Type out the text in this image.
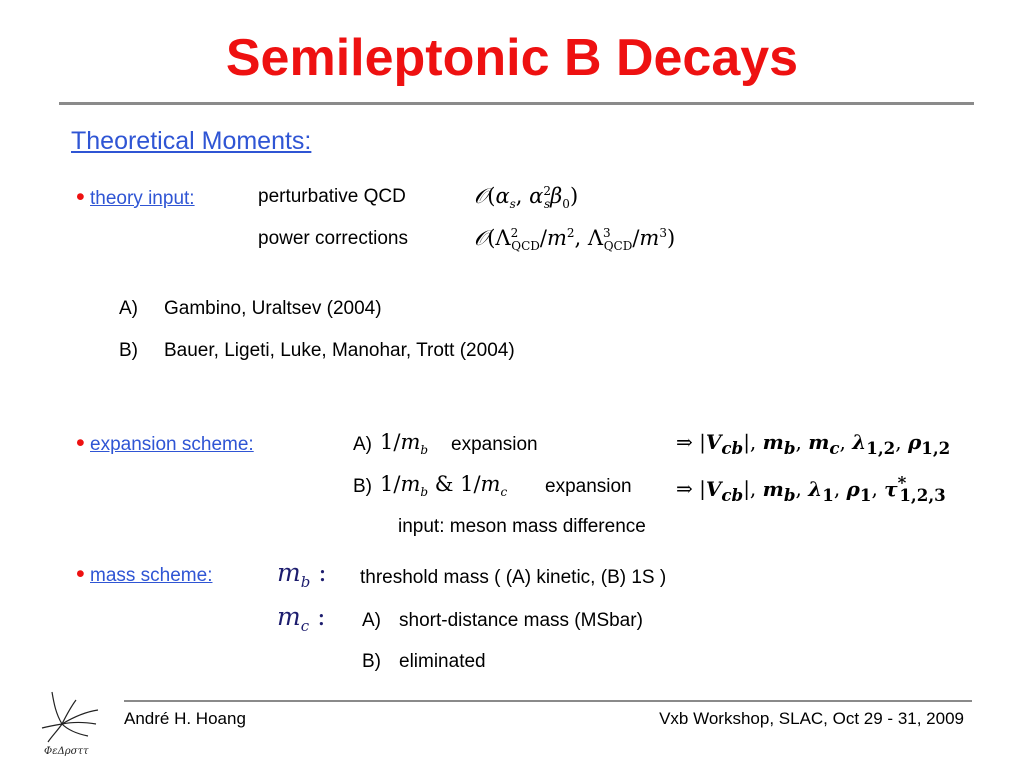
Semileptonic B Decays
Theoretical Moments:
• theory input:	perturbative QCD	$𝒪(\alpha_s$, $\alpha^2_s\beta_0$)
power corrections	$𝒪(\Lambda^2_{QCD}/m^2$, $\Lambda^3_{QCD}/m^3$)
A) Gambino, Uraltsev (2004)
B) Bauer, Ligeti, Luke, Manohar, Trott (2004)
• expansion scheme:	A) $1/m_b$ expansion	⇒ $|V_{cb}|$, $m_b$, $m_c$, $\lambda_{1,2}$, $\rho_{1,2}$
B) $1/m_b$ & $1/m_c$ expansion ⇒ $|V_{cb}|$, $m_b$, $\lambda_1$, $\rho_1$, $\tau^*_{1,2,3}$
input: meson mass difference
• mass scheme:	$m_b$ : threshold mass ( (A) kinetic, (B) 1S )
$m_c$ : A) short-distance mass (MSbar)
B) eliminated
ΦεΔρσττ
André H. Hoang	Vxb Workshop, SLAC, Oct 29 - 31, 2009
